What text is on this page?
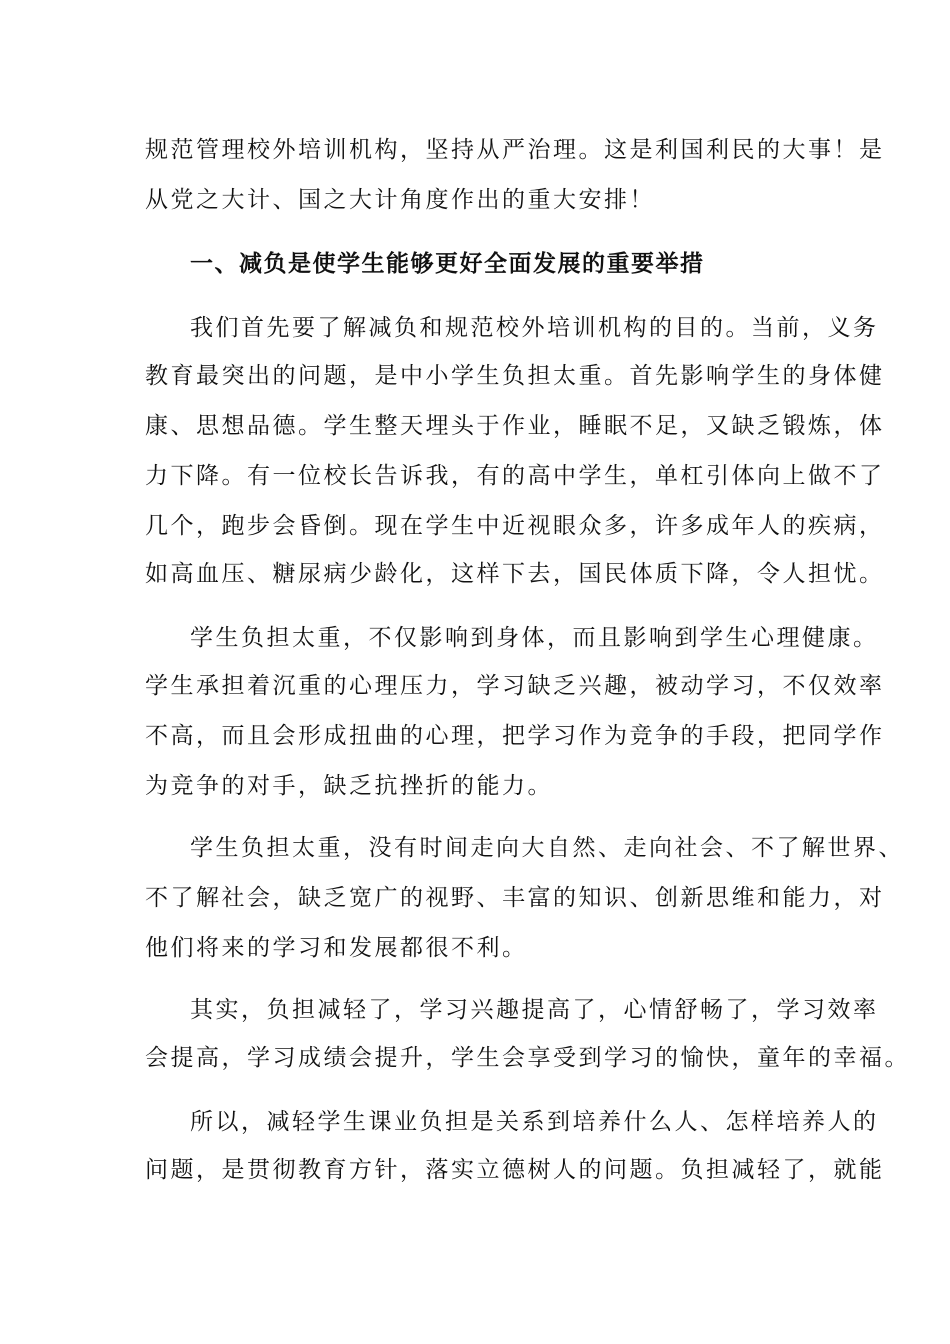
规范管理校外培训机构，坚持从严治理。这是利国利民的大事！是
从党之大计、国之大计角度作出的重大安排！
一、减负是使学生能够更好全面发展的重要举措
我们首先要了解减负和规范校外培训机构的目的。当前，义务
教育最突出的问题，是中小学生负担太重。首先影响学生的身体健
康、思想品德。学生整天埋头于作业，睡眠不足，又缺乏锻炼，体
力下降。有一位校长告诉我，有的高中学生，单杠引体向上做不了
几个，跑步会昏倒。现在学生中近视眼众多，许多成年人的疾病，
如高血压、糖尿病少龄化，这样下去，国民体质下降，令人担忧。
学生负担太重，不仅影响到身体，而且影响到学生心理健康。
学生承担着沉重的心理压力，学习缺乏兴趣，被动学习，不仅效率
不高，而且会形成扭曲的心理，把学习作为竞争的手段，把同学作
为竞争的对手，缺乏抗挫折的能力。
学生负担太重，没有时间走向大自然、走向社会、不了解世界、
不了解社会，缺乏宽广的视野、丰富的知识、创新思维和能力，对
他们将来的学习和发展都很不利。
其实，负担减轻了，学习兴趣提高了，心情舒畅了，学习效率
会提高，学习成绩会提升，学生会享受到学习的愉快，童年的幸福。
所以，减轻学生课业负担是关系到培养什么人、怎样培养人的
问题，是贯彻教育方针，落实立德树人的问题。负担减轻了，就能
